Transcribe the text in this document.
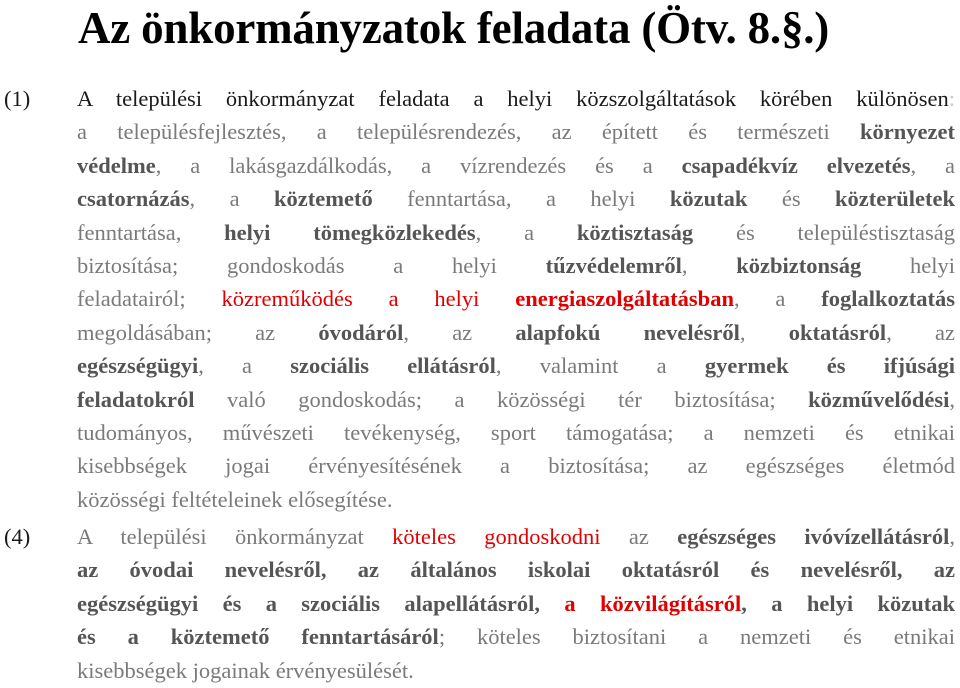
Az önkormányzatok feladata (Ötv. 8.§.)
(1) A települési önkormányzat feladata a helyi közszolgáltatások körében különösen:
a településfejlesztés, a településrendezés, az épített és természeti környezet
védelme, a lakásgazdálkodás, a vízrendezés és a csapadékvíz elvezetés, a
csatornázás, a köztemető fenntartása, a helyi közutak és közterületek
fenntartása, helyi tömegközlekedés, a köztisztaság és településtisztaság
biztosítása; gondoskodás a helyi tűzvédelemről, közbiztonság helyi
feladatairól; közreműködés a helyi energiaszolgáltatásban, a foglalkoztatás
megoldásában; az óvodáról, az alapfokú nevelésről, oktatásról, az
egészségügyi, a szociális ellátásról, valamint a gyermek és ifjúsági
feladatokról való gondoskodás; a közösségi tér biztosítása; közművelődési,
tudományos, művészeti tevékenység, sport támogatása; a nemzeti és etnikai
kisebbségek jogai érvényesítésének a biztosítása; az egészséges életmód
közösségi feltételeinek elősegítése.
(4) A települési önkormányzat köteles gondoskodni az egészséges ivóvízellátásról,
az óvodai nevelésről, az általános iskolai oktatásról és nevelésről, az
egészségügyi és a szociális alapellátásról, a közvilágításról, a helyi közutak
és a köztemető fenntartásáról; köteles biztosítani a nemzeti és etnikai
kisebbségek jogainak érvényesülését.
